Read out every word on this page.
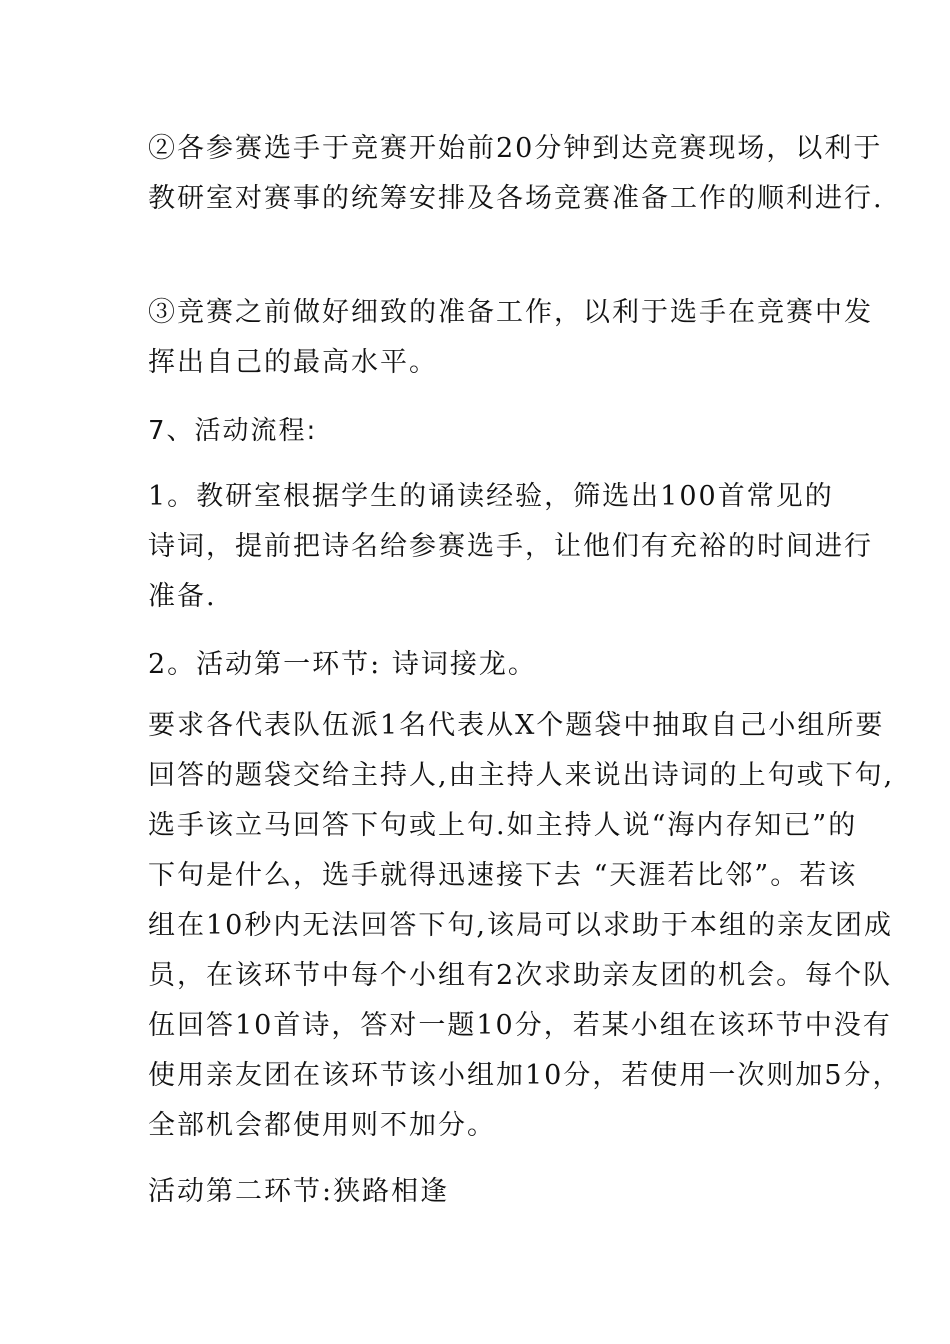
②各参赛选手于竞赛开始前20分钟到达竞赛现场，以利于
教研室对赛事的统筹安排及各场竞赛准备工作的顺利进行.
③竞赛之前做好细致的准备工作，以利于选手在竞赛中发
挥出自己的最高水平。
7、活动流程:
1。教研室根据学生的诵读经验，筛选出100首常见的
诗词，提前把诗名给参赛选手，让他们有充裕的时间进行
准备.
2。活动第一环节: 诗词接龙。
要求各代表队伍派1名代表从X个题袋中抽取自己小组所要
回答的题袋交给主持人,由主持人来说出诗词的上句或下句,
选手该立马回答下句或上句.如主持人说“海内存知已”的
下句是什么，选手就得迅速接下去 “天涯若比邻”。若该
组在10秒内无法回答下句,该局可以求助于本组的亲友团成
员，在该环节中每个小组有2次求助亲友团的机会。每个队
伍回答10首诗，答对一题10分，若某小组在该环节中没有
使用亲友团在该环节该小组加10分，若使用一次则加5分，
全部机会都使用则不加分。
活动第二环节:狭路相逢
